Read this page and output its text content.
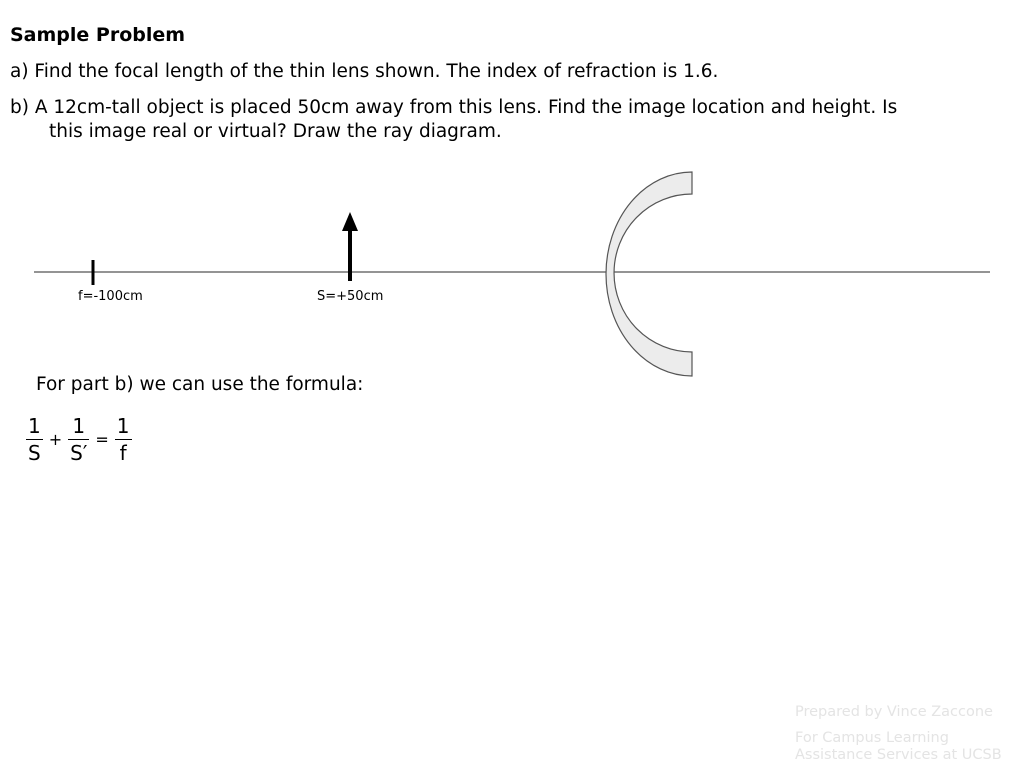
Sample Problem

a) Find the focal length of the thin lens shown. The index of refraction is 1.6.

b) A 12cm-tall object is placed 50cm away from this lens. Find the image location and height. Is
this image real or virtual? Draw the ray diagram.

f=-100cm	S=+50cm

For part b) we can use the formula:

$\frac{1}{S} + \frac{1}{S'} = \frac{1}{f}$

Prepared by Vince Zaccone

For Campus Learning Assistance Services at UCSB
